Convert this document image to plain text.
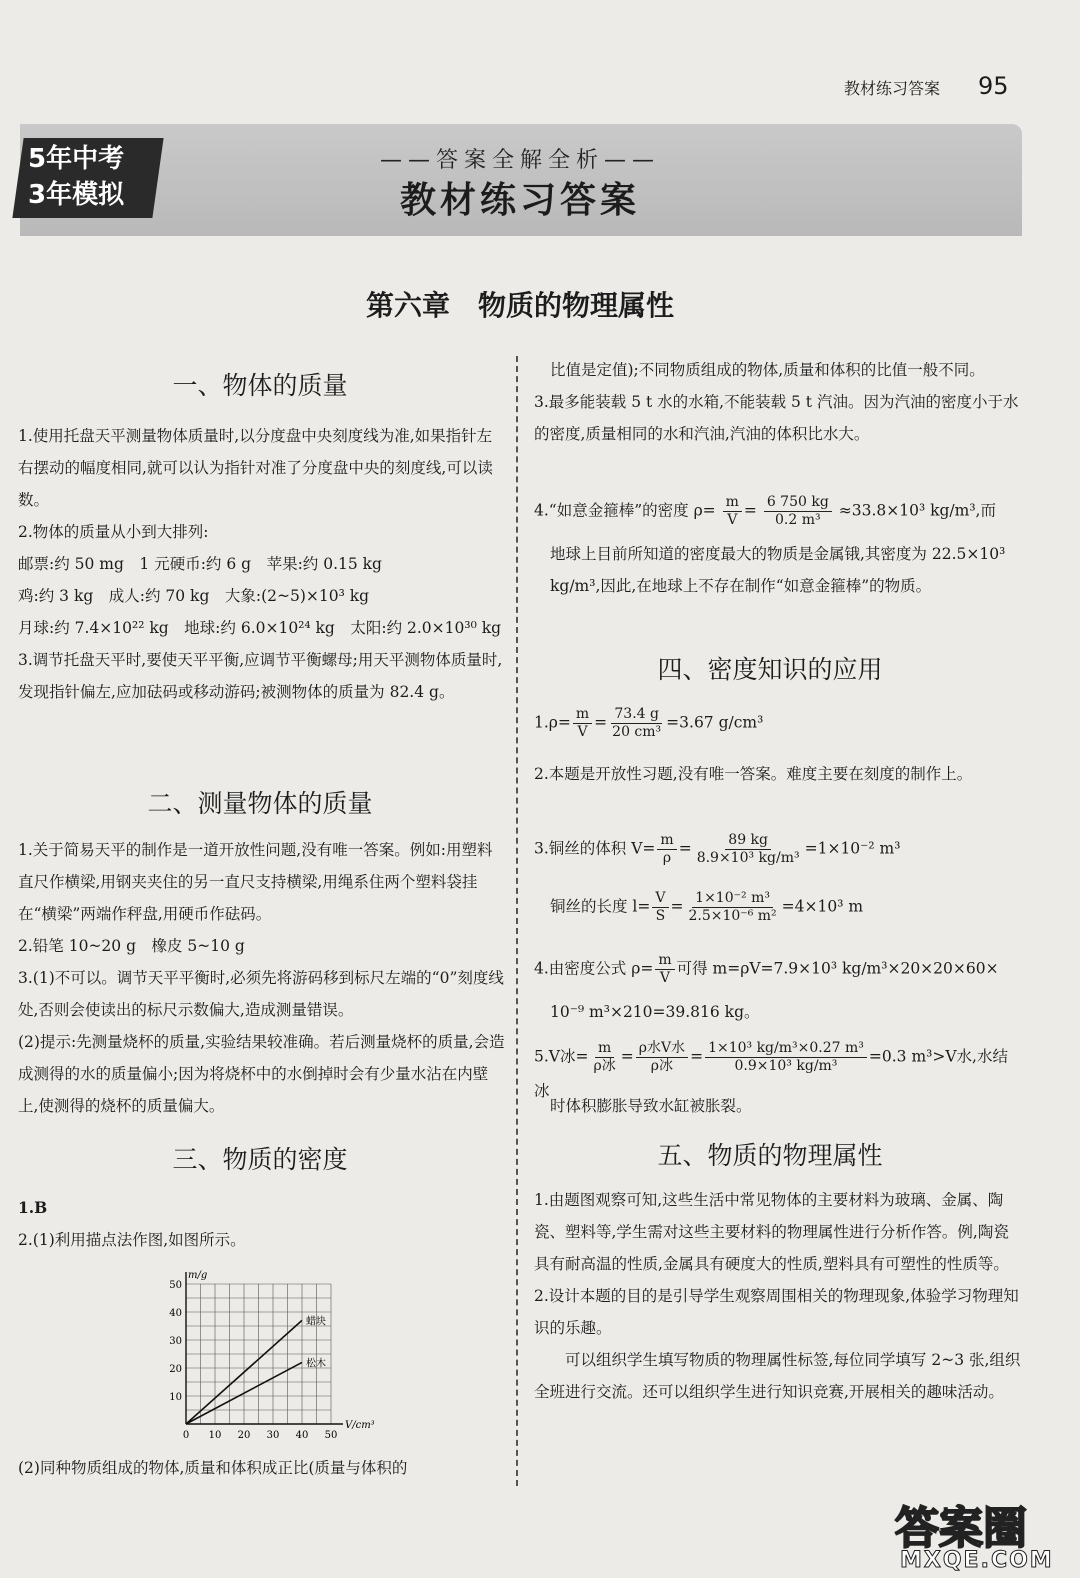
教材练习答案 95
5年中考
3年模拟
——答案全解全析——
教材练习答案
第六章　物质的物理属性
一、物体的质量

1.使用托盘天平测量物体质量时,以分度盘中央刻度线为准,如果指针左右摆动的幅度相同,就可以认为指针对准了分度盘中央的刻度线,可以读数。

2.物体的质量从小到大排列:

邮票:约 50 mg　1 元硬币:约 6 g　苹果:约 0.15 kg

鸡:约 3 kg　成人:约 70 kg　大象:(2~5)×10³ kg

月球:约 7.4×10²² kg　地球:约 6.0×10²⁴ kg　太阳:约 2.0×10³⁰ kg

3.调节托盘天平时,要使天平平衡,应调节平衡螺母;用天平测物体质量时,发现指针偏左,应加砝码或移动游码;被测物体的质量为 82.4 g。

二、测量物体的质量

1.关于简易天平的制作是一道开放性问题,没有唯一答案。例如:用塑料直尺作横梁,用钢夹夹住的另一直尺支持横梁,用绳系住两个塑料袋挂在“横梁”两端作秤盘,用硬币作砝码。

2.铅笔 10~20 g　橡皮 5~10 g

3.(1)不可以。调节天平平衡时,必须先将游码移到标尺左端的“0”刻度线处,否则会使读出的标尺示数偏大,造成测量错误。

(2)提示:先测量烧杯的质量,实验结果较准确。若后测量烧杯的质量,会造成测得的水的质量偏小;因为将烧杯中的水倒掉时会有少量水沾在内壁上,使测得的烧杯的质量偏大。

三、物质的密度

1.B

2.(1)利用描点法作图,如图所示。

0 10 20 30 40 50
10
20
30
40
50
V/cm³
m/g
蜡块
松木
(2)同种物质组成的物体,质量和体积成正比(质量与体积的

比值是定值);不同物质组成的物体,质量和体积的比值一般不同。

3.最多能装载 5 t 水的水箱,不能装载 5 t 汽油。因为汽油的密度小于水的密度,质量相同的水和汽油,汽油的体积比水大。

4.“如意金箍棒”的密度 $\rho= \frac{m}{V} = \frac{6 750 kg}{\text{0.2 m³}} \approx 33.8\times 10^3$ kg/m³,而
地球上目前所知道的密度最大的物质是金属锇,其密度为 22.5×10³ kg/m³,因此,在地球上不存在制作“如意金箍棒”的物质。
四、密度知识的应用
$1.\rho= \frac{m}{V} = \frac{73.4 g}{\text{20 cm³}} =3.67$ g/cm³
2.本题是开放性习题,没有唯一答案。难度主要在刻度的制作上。
3.铜丝的体积 $V= \frac{m}{\rho} = \frac{89 kg}{\text{8.9×10³ kg/m³}} =1\times 10^{-2}$ m³
铜丝的长度 $l= \frac{V}{S} = \frac{\text{1×10⁻² m³}}{\text{2.5×10⁻⁶ m²}} =4\times 10^3$ m
4.由密度公式 $\rho= \frac{m}{V}$ 可得 m=ρV=7.9×10³ kg/m³×20×20×60×
10⁻⁹ m³×210=39.816 kg。
5.V冰= $\frac{m}{\text{ρ冰}} = \frac{\text{ρ水V水}}{\text{ρ冰}} = \frac{\text{1×10³ kg/m³×0.27 m³}}{\text{0.9×10³ kg/m³}} =0.3$ m³>V水,水结冰
时体积膨胀导致水缸被胀裂。
五、物质的物理属性

1.由题图观察可知,这些生活中常见物体的主要材料为玻璃、金属、陶瓷、塑料等,学生需对这些主要材料的物理属性进行分析作答。例,陶瓷具有耐高温的性质,金属具有硬度大的性质,塑料具有可塑性的性质等。

2.设计本题的目的是引导学生观察周围相关的物理现象,体验学习物理知识的乐趣。

　　可以组织学生填写物质的物理属性标签,每位同学填写 2~3 张,组织全班进行交流。还可以组织学生进行知识竞赛,开展相关的趣味活动。

答案圈
MXQE.COM
